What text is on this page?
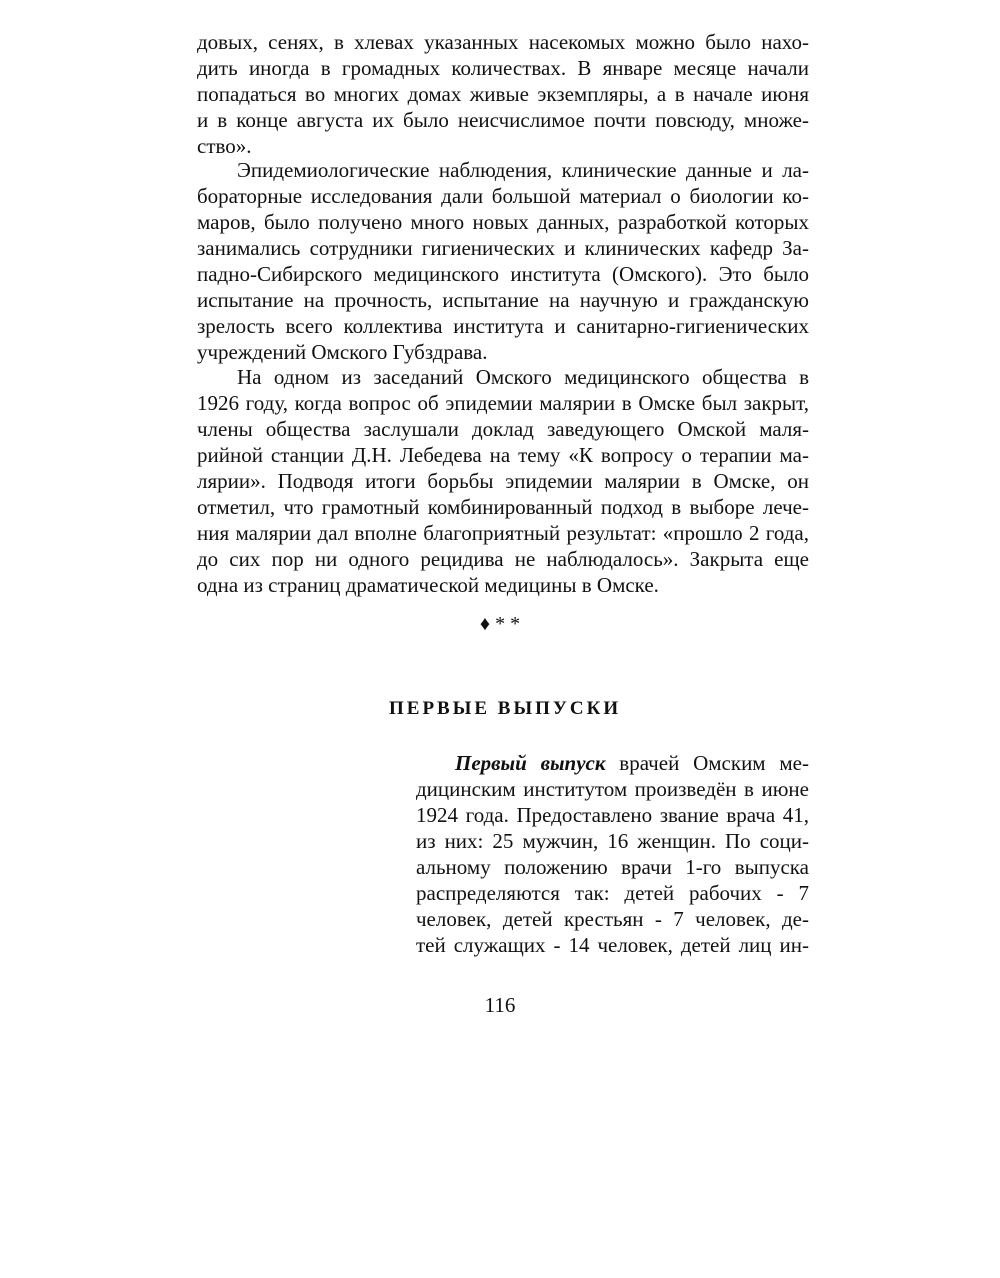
довых, сенях, в хлевах указанных насекомых можно было нахо-
дить иногда в громадных количествах. В январе месяце начали
попадаться во многих домах живые экземпляры, а в начале июня
и в конце августа их было неисчислимое почти повсюду, множе-
ство».
Эпидемиологические наблюдения, клинические данные и ла-
бораторные исследования дали большой материал о биологии ко-
маров, было получено много новых данных, разработкой которых
занимались сотрудники гигиенических и клинических кафедр За-
падно-Сибирского медицинского института (Омского). Это было
испытание на прочность, испытание на научную и гражданскую
зрелость всего коллектива института и санитарно-гигиенических
учреждений Омского Губздрава.
На одном из заседаний Омского медицинского общества в
1926 году, когда вопрос об эпидемии малярии в Омске был закрыт,
члены общества заслушали доклад заведующего Омской маля-
рийной станции Д.Н. Лебедева на тему «К вопросу о терапии ма-
лярии». Подводя итоги борьбы эпидемии малярии в Омске, он
отметил, что грамотный комбинированный подход в выборе лече-
ния малярии дал вполне благоприятный результат: «прошло 2 года,
до сих пор ни одного рецидива не наблюдалось». Закрыта еще
одна из страниц драматической медицины в Омске.
♦ * *
ПЕРВЫЕ ВЫПУСКИ
Первый выпуск врачей Омским ме-
дицинским институтом произведён в июне
1924 года. Предоставлено звание врача 41,
из них: 25 мужчин, 16 женщин. По соци-
альному положению врачи 1-го выпуска
распределяются так: детей рабочих - 7
человек, детей крестьян - 7 человек, де-
тей служащих - 14 человек, детей лиц ин-
116
